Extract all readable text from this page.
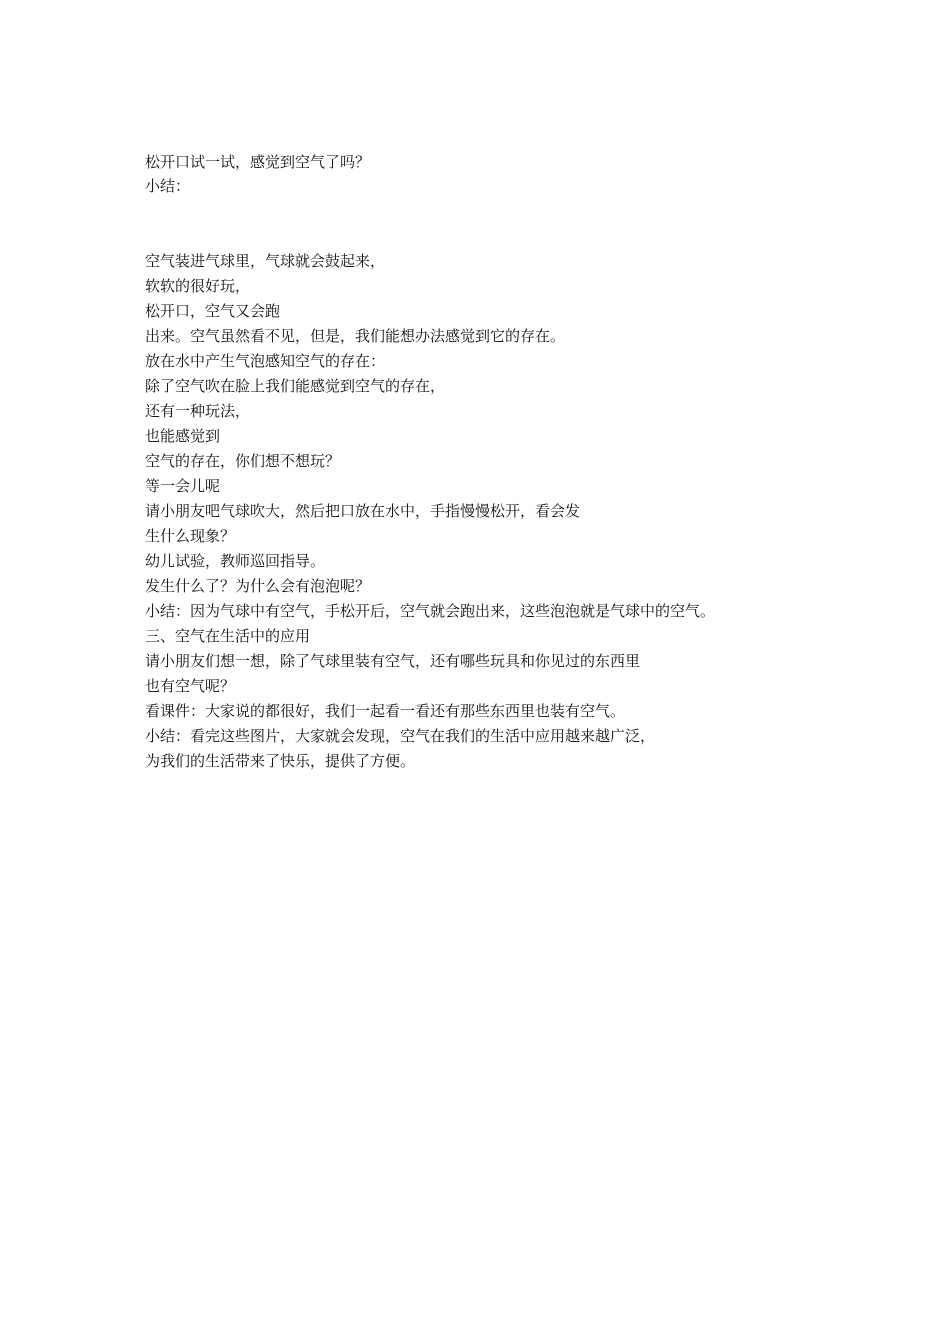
松开口试一试，感觉到空气了吗？
小结：
空气装进气球里，气球就会鼓起来，
软软的很好玩，
松开口，空气又会跑
出来。空气虽然看不见，但是，我们能想办法感觉到它的存在。
放在水中产生气泡感知空气的存在：
除了空气吹在脸上我们能感觉到空气的存在，
还有一种玩法，
也能感觉到
空气的存在，你们想不想玩？
等一会儿呢
请小朋友吧气球吹大，然后把口放在水中，手指慢慢松开，看会发
生什么现象？
幼儿试验，教师巡回指导。
发生什么了？为什么会有泡泡呢？
小结：因为气球中有空气，手松开后，空气就会跑出来，这些泡泡就是气球中的空气。
三、空气在生活中的应用
请小朋友们想一想，除了气球里装有空气，还有哪些玩具和你见过的东西里
也有空气呢？
看课件：大家说的都很好，我们一起看一看还有那些东西里也装有空气。
小结：看完这些图片，大家就会发现，空气在我们的生活中应用越来越广泛，
为我们的生活带来了快乐，提供了方便。
